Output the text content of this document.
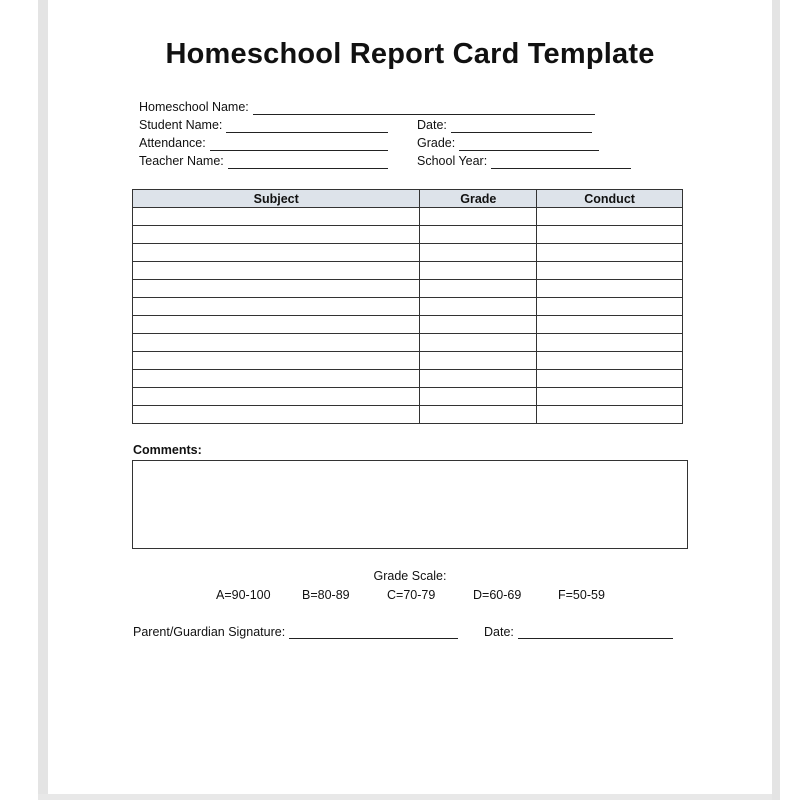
Homeschool Report Card Template
Homeschool Name:
Student Name:	Date:
Attendance:	Grade:
Teacher Name:	School Year:
Subject	Grade	Conduct

Comments:
Grade Scale:
A=90-100	B=80-89	C=70-79	D=60-69	F=50-59
Parent/Guardian Signature:	Date:
